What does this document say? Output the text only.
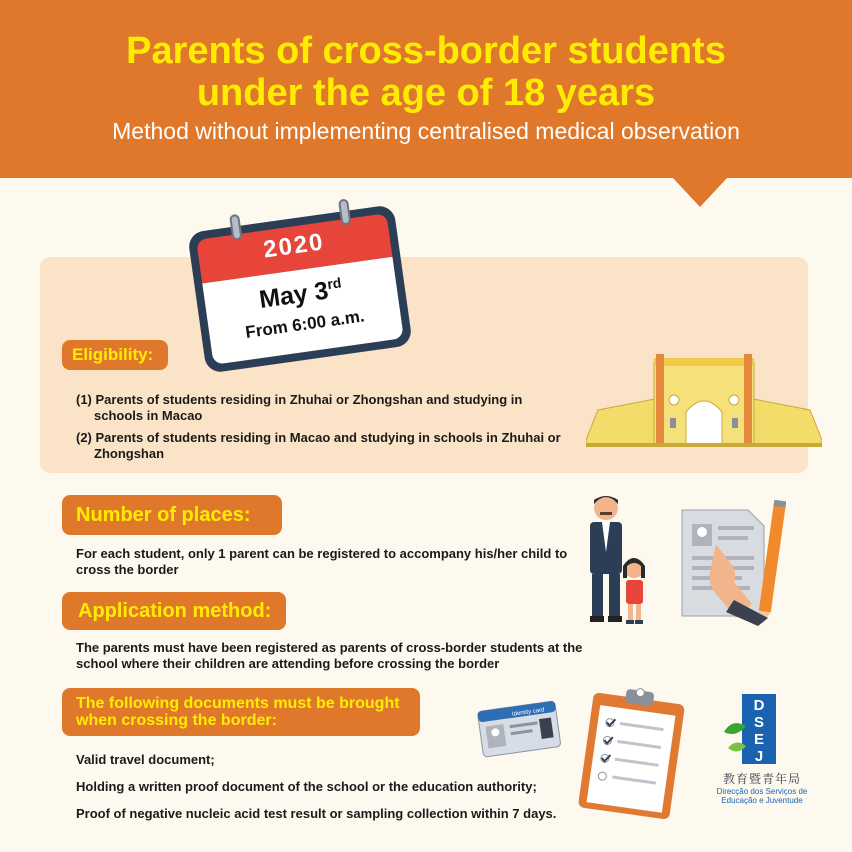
Parents of cross-border students
under the age of 18 years
Method without implementing centralised medical observation
2020
May 3rd
From 6:00 a.m.
Eligibility:
(1) Parents of students residing in Zhuhai or Zhongshan and studying in schools in Macao
(2) Parents of students residing in Macao and studying in schools in Zhuhai or Zhongshan
Number of places:
For each student, only 1 parent can be registered to accompany his/her child to cross the border
Application method:
The parents must have been registered as parents of cross-border students at the school where their children are attending before crossing the border
The following documents must be brought when crossing the border:
Valid travel document;
Holding a written proof document of the school or the education authority;
Proof of negative nucleic acid test result or sampling collection within 7 days.
Identity card	D
S
E
J
教育暨青年局
Direcção dos Serviços de
Educação e Juventude
